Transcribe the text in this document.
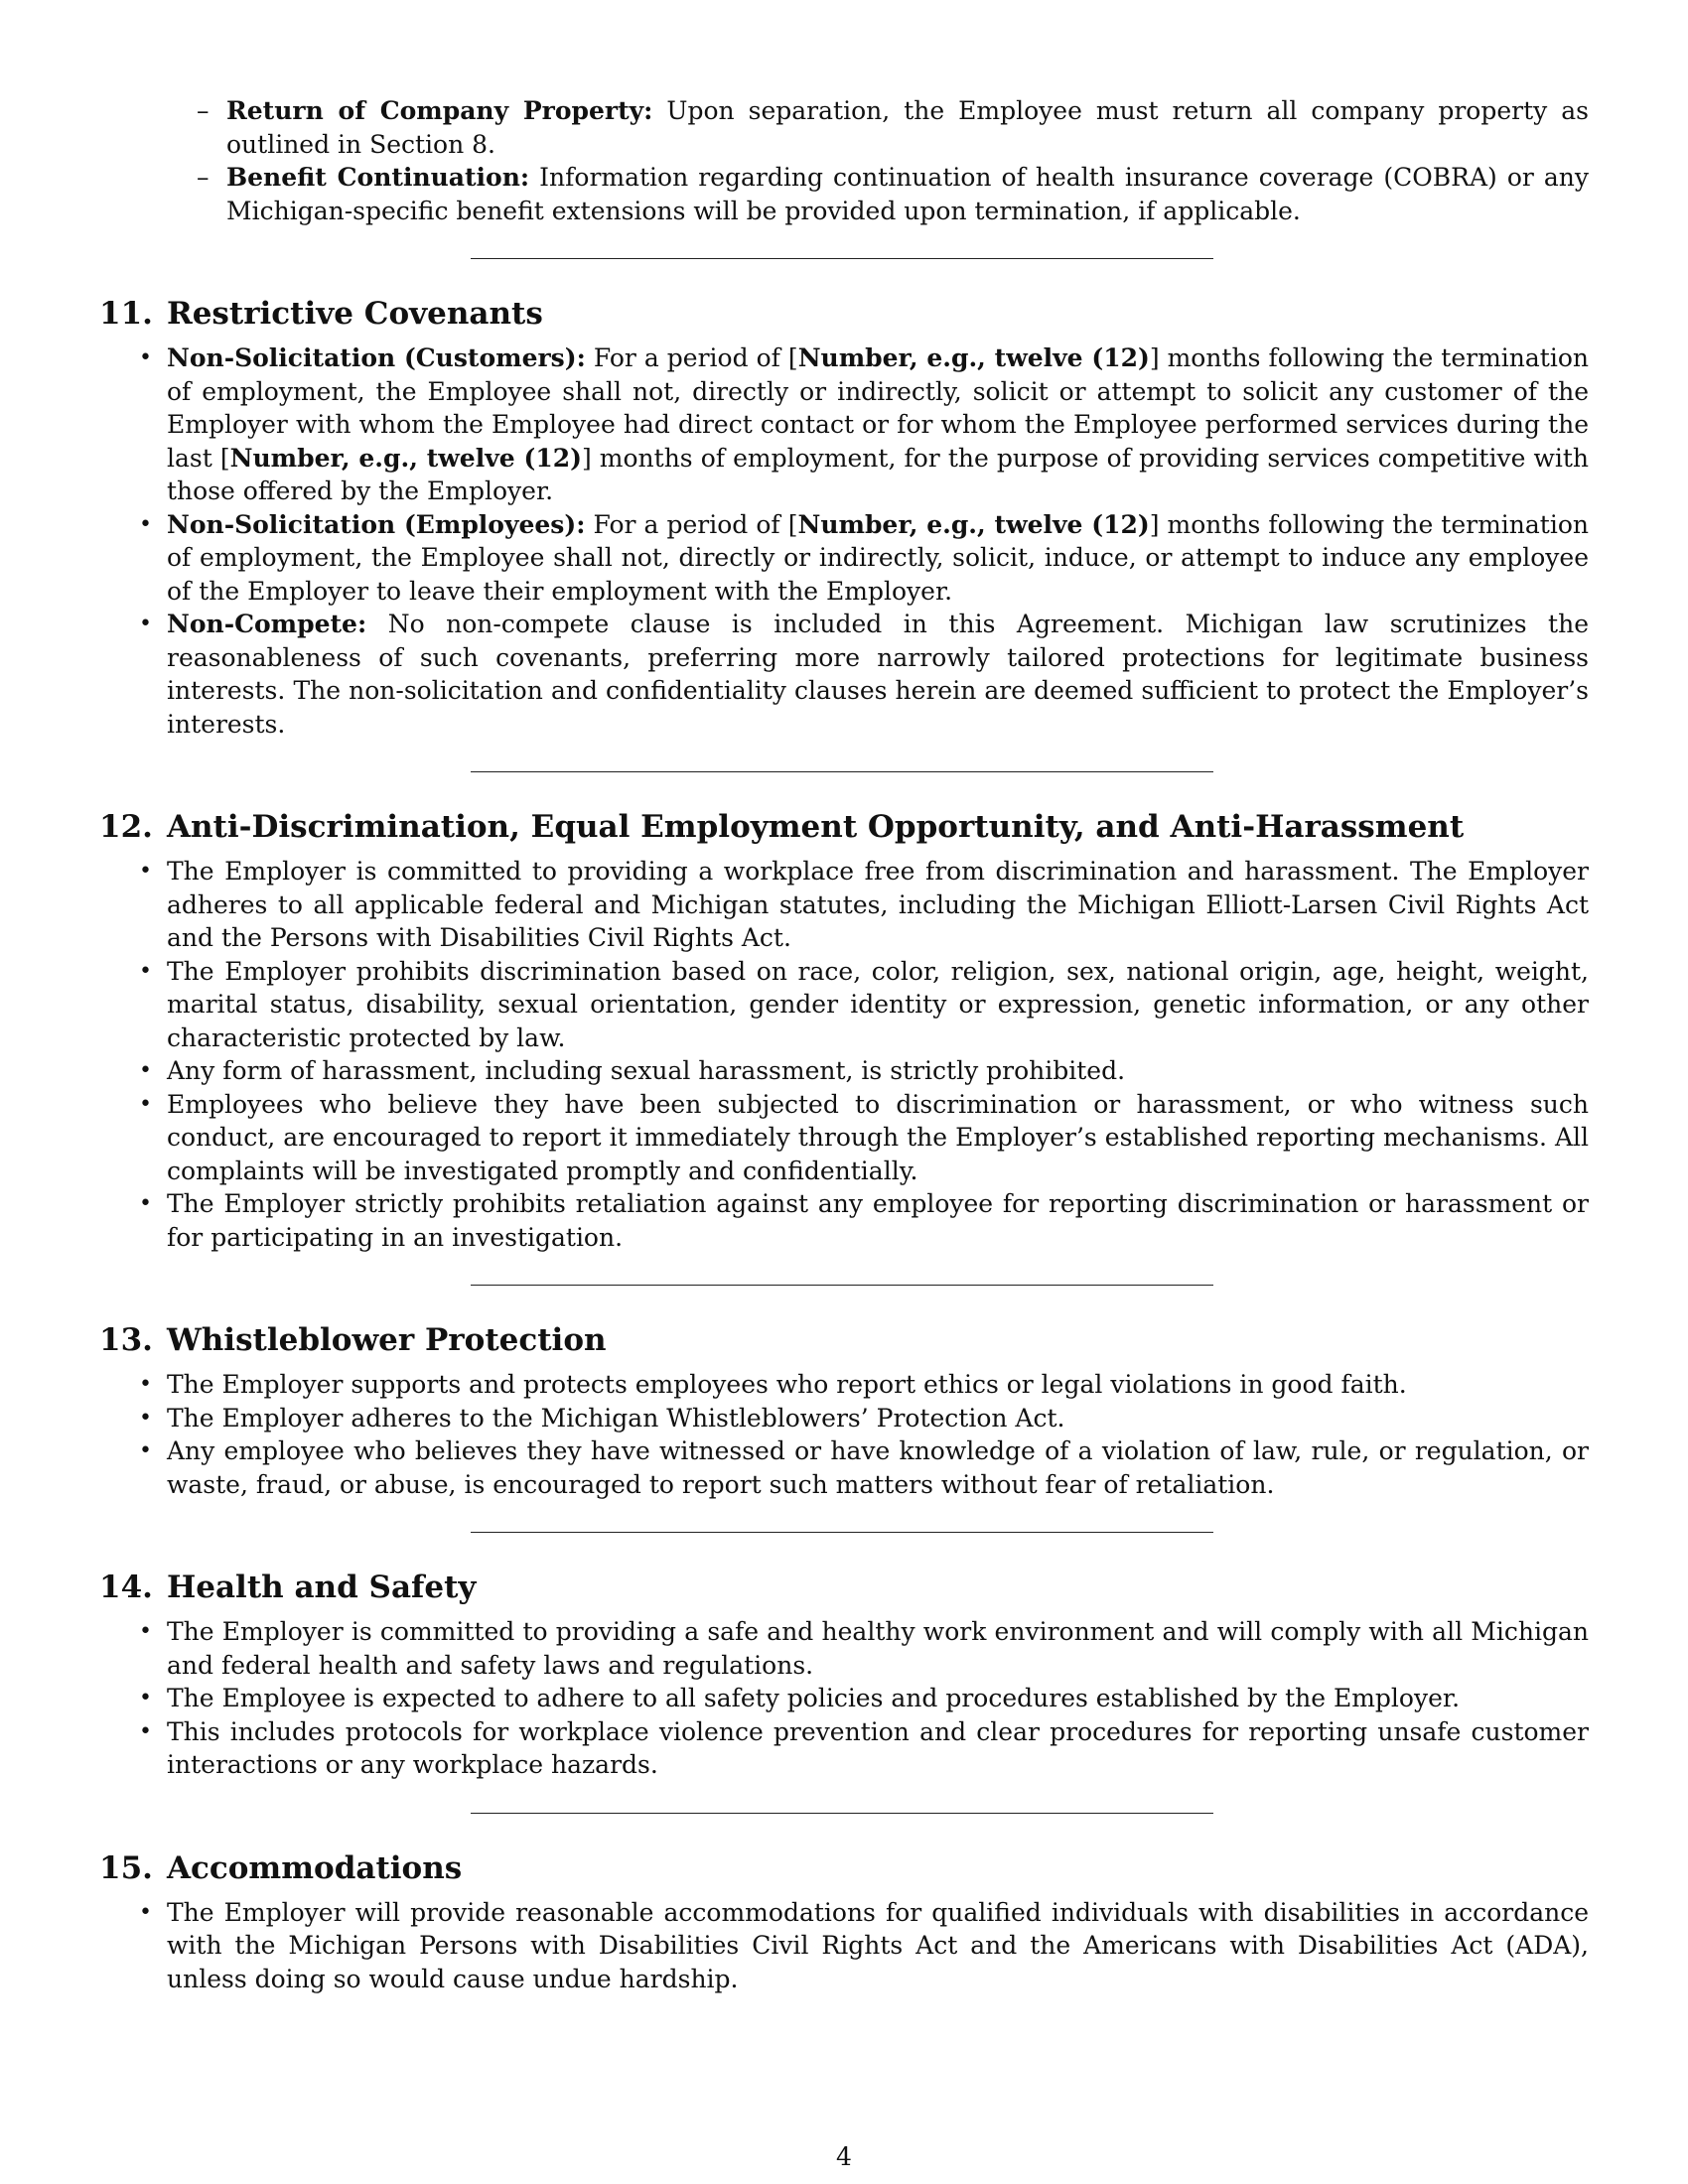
– Return of Company Property: Upon separation, the Employee must return all company property as outlined in Section 8.
– Benefit Continuation: Information regarding continuation of health insurance coverage (COBRA) or any Michigan-specific benefit extensions will be provided upon termination, if applicable.
11. Restrictive Covenants
• Non-Solicitation (Customers): For a period of [Number, e.g., twelve (12)] months following the termination of employment, the Employee shall not, directly or indirectly, solicit or attempt to solicit any customer of the Employer with whom the Employee had direct contact or for whom the Employee performed services during the last [Number, e.g., twelve (12)] months of employment, for the purpose of providing services competitive with those offered by the Employer.
• Non-Solicitation (Employees): For a period of [Number, e.g., twelve (12)] months following the termination of employment, the Employee shall not, directly or indirectly, solicit, induce, or attempt to induce any employee of the Employer to leave their employment with the Employer.
• Non-Compete: No non-compete clause is included in this Agreement. Michigan law scrutinizes the reasonableness of such covenants, preferring more narrowly tailored protections for legitimate business interests. The non-solicitation and confidentiality clauses herein are deemed sufficient to protect the Employer’s interests.
12. Anti-Discrimination, Equal Employment Opportunity, and Anti-Harassment
• The Employer is committed to providing a workplace free from discrimination and harassment. The Employer adheres to all applicable federal and Michigan statutes, including the Michigan Elliott-Larsen Civil Rights Act and the Persons with Disabilities Civil Rights Act.
• The Employer prohibits discrimination based on race, color, religion, sex, national origin, age, height, weight, marital status, disability, sexual orientation, gender identity or expression, genetic information, or any other characteristic protected by law.
• Any form of harassment, including sexual harassment, is strictly prohibited.
• Employees who believe they have been subjected to discrimination or harassment, or who witness such conduct, are encouraged to report it immediately through the Employer’s established reporting mechanisms. All complaints will be investigated promptly and confidentially.
• The Employer strictly prohibits retaliation against any employee for reporting discrimination or harassment or for participating in an investigation.
13. Whistleblower Protection
• The Employer supports and protects employees who report ethics or legal violations in good faith.
• The Employer adheres to the Michigan Whistleblowers’ Protection Act.
• Any employee who believes they have witnessed or have knowledge of a violation of law, rule, or regulation, or waste, fraud, or abuse, is encouraged to report such matters without fear of retaliation.
14. Health and Safety
• The Employer is committed to providing a safe and healthy work environment and will comply with all Michigan and federal health and safety laws and regulations.
• The Employee is expected to adhere to all safety policies and procedures established by the Employer.
• This includes protocols for workplace violence prevention and clear procedures for reporting unsafe customer interactions or any workplace hazards.
15. Accommodations
• The Employer will provide reasonable accommodations for qualified individuals with disabilities in accordance with the Michigan Persons with Disabilities Civil Rights Act and the Americans with Disabilities Act (ADA), unless doing so would cause undue hardship.
4
